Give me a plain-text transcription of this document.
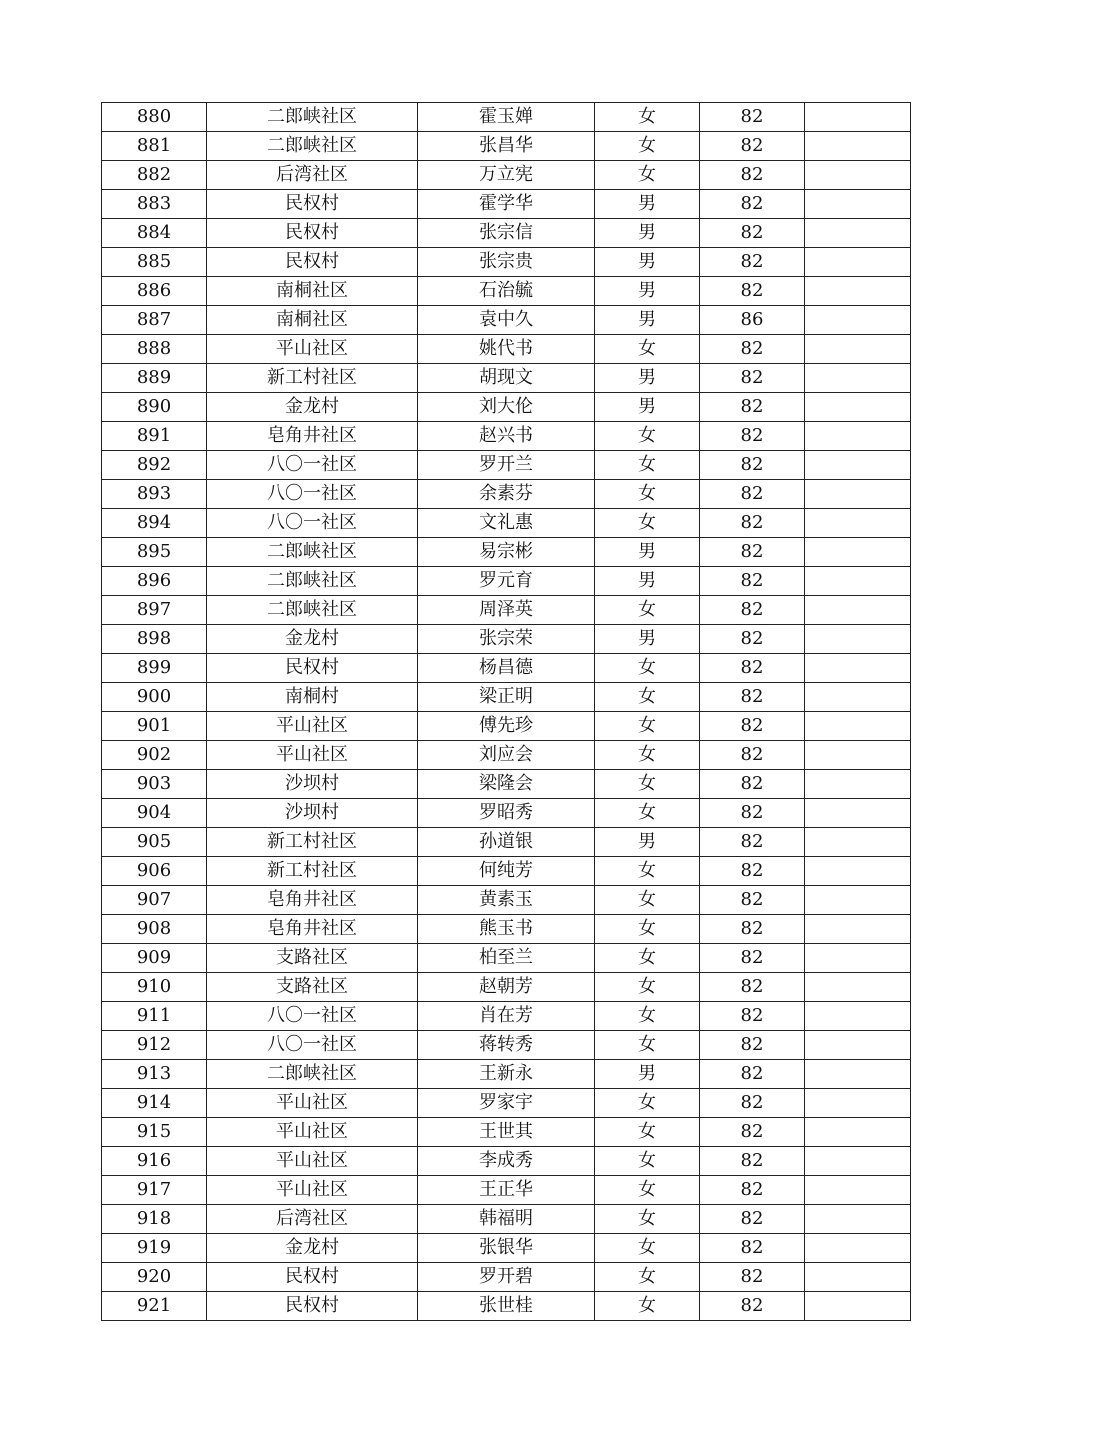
880	二郎峡社区	霍玉婵	女	82	
881	二郎峡社区	张昌华	女	82	
882	后湾社区	万立宪	女	82	
883	民权村	霍学华	男	82	
884	民权村	张宗信	男	82	
885	民权村	张宗贵	男	82	
886	南桐社区	石治毓	男	82	
887	南桐社区	袁中久	男	86	
888	平山社区	姚代书	女	82	
889	新工村社区	胡现文	男	82	
890	金龙村	刘大伦	男	82	
891	皂角井社区	赵兴书	女	82	
892	八〇一社区	罗开兰	女	82	
893	八〇一社区	余素芬	女	82	
894	八〇一社区	文礼惠	女	82	
895	二郎峡社区	易宗彬	男	82	
896	二郎峡社区	罗元育	男	82	
897	二郎峡社区	周泽英	女	82	
898	金龙村	张宗荣	男	82	
899	民权村	杨昌德	女	82	
900	南桐村	梁正明	女	82	
901	平山社区	傅先珍	女	82	
902	平山社区	刘应会	女	82	
903	沙坝村	梁隆会	女	82	
904	沙坝村	罗昭秀	女	82	
905	新工村社区	孙道银	男	82	
906	新工村社区	何纯芳	女	82	
907	皂角井社区	黄素玉	女	82	
908	皂角井社区	熊玉书	女	82	
909	支路社区	柏至兰	女	82	
910	支路社区	赵朝芳	女	82	
911	八〇一社区	肖在芳	女	82	
912	八〇一社区	蒋转秀	女	82	
913	二郎峡社区	王新永	男	82	
914	平山社区	罗家宇	女	82	
915	平山社区	王世其	女	82	
916	平山社区	李成秀	女	82	
917	平山社区	王正华	女	82	
918	后湾社区	韩福明	女	82	
919	金龙村	张银华	女	82	
920	民权村	罗开碧	女	82	
921	民权村	张世桂	女	82	
